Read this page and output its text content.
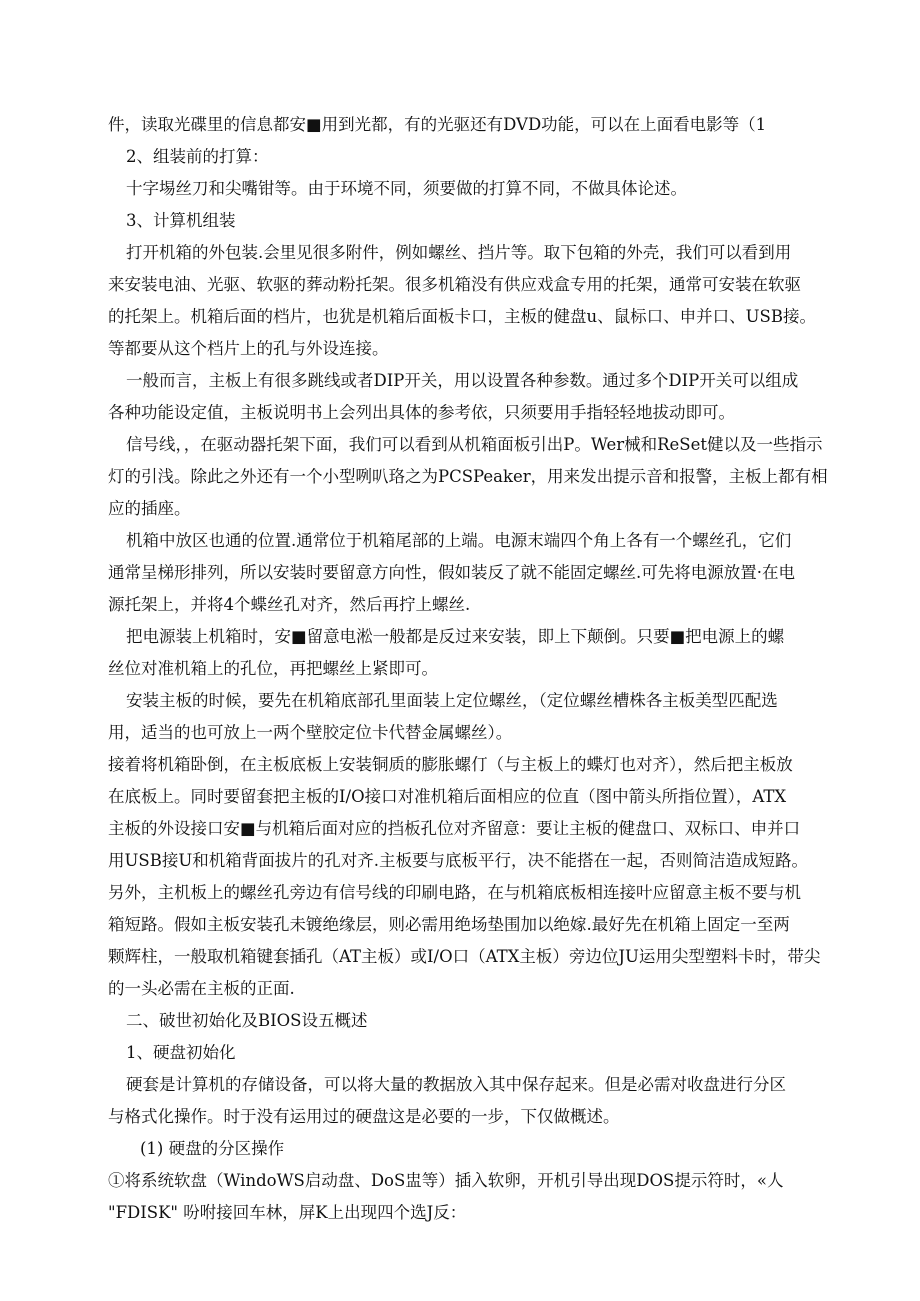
件，读取光碟里的信息都安■用到光都，有的光驱还有DVD功能，可以在上面看电影等（1
2、组装前的打算：
十字埸丝刀和尖嘴钳等。由于环境不同，须要做的打算不同，不做具体论述。
3、计算机组装
打开机箱的外包装.会里见很多附件，例如螺丝、挡片等。取下包箱的外壳，我们可以看到用
来安装电油、光驱、软驱的葬动粉托架。很多机箱没有供应戏盒专用的托架，通常可安装在软驱
的托架上。机箱后面的档片，也犹是机箱后面板卡口，主板的健盘u、鼠标口、申并口、USB接。
等都要从这个档片上的孔与外设连接。
一般而言，主板上有很多跳线或者DIP开关，用以设置各种参数。通过多个DIP开关可以组成
各种功能设定值，主板说明书上会列出具体的参考依，只须要用手指轻轻地拔动即可。
信号线，，在驱动器托架下面，我们可以看到从机箱面板引出P。Wer械和ReSet健以及一些指示
灯的引浅。除此之外还有一个小型咧叭珞之为PCSPeaker，用来发出提示音和报警，主板上都有相
应的插座。
机箱中放区也通的位置.通常位于机箱尾部的上端。电源末端四个角上各有一个螺丝孔，它们
通常呈梯形排列，所以安装时要留意方向性，假如装反了就不能固定螺丝.可先将电源放置·在电
源托架上，并将4个蝶丝孔对齐，然后再拧上螺丝.
把电源装上机箱时，安■留意电淞一般都是反过来安装，即上下颠倒。只要■把电源上的螺
丝位对准机箱上的孔位，再把螺丝上紧即可。
安装主板的时候，要先在机箱底部孔里面装上定位螺丝，（定位螺丝槽株各主板美型匹配选
用，适当的也可放上一两个壁胶定位卡代替金属螺丝）。
接着将机箱卧倒，在主板底板上安装铜质的膨胀螺仃（与主板上的蝶灯也对齐），然后把主板放
在底板上。同时要留套把主板的I/O接口对准机箱后面相应的位直（图中箭头所指位置），ATX
主板的外设接口安■与机箱后面对应的挡板孔位对齐留意：要让主板的健盘口、双标口、申并口
用USB接U和机箱背面拔片的孔对齐.主板要与底板平行，决不能搭在一起，否则简洁造成短路。
另外，主机板上的螺丝孔旁边有信号线的印刷电路，在与机箱底板相连接叶应留意主板不要与机
箱短路。假如主板安装孔未镀绝缘层，则必需用绝场垫围加以绝嫁.最好先在机箱上固定一至两
颗辉柱，一般取机箱键套插孔（AT主板）或I/O口（ATX主板）旁边位JU运用尖型塑料卡时，带尖
的一头必需在主板的正面.
二、破世初始化及BIOS设五概述
1、硬盘初始化
硬套是计算机的存储设备，可以将大量的教据放入其中保存起来。但是必需对收盘进行分区
与格式化操作。时于没有运用过的硬盘这是必要的一步，下仅做概述。
(1) 硬盘的分区操作
①将系统软盘（WindoWS启动盘、DoS盅等）插入软卵，开机引导出现DOS提示符时，«人
"FDISK" 吩咐接回车林，屏K上出现四个选J反：
